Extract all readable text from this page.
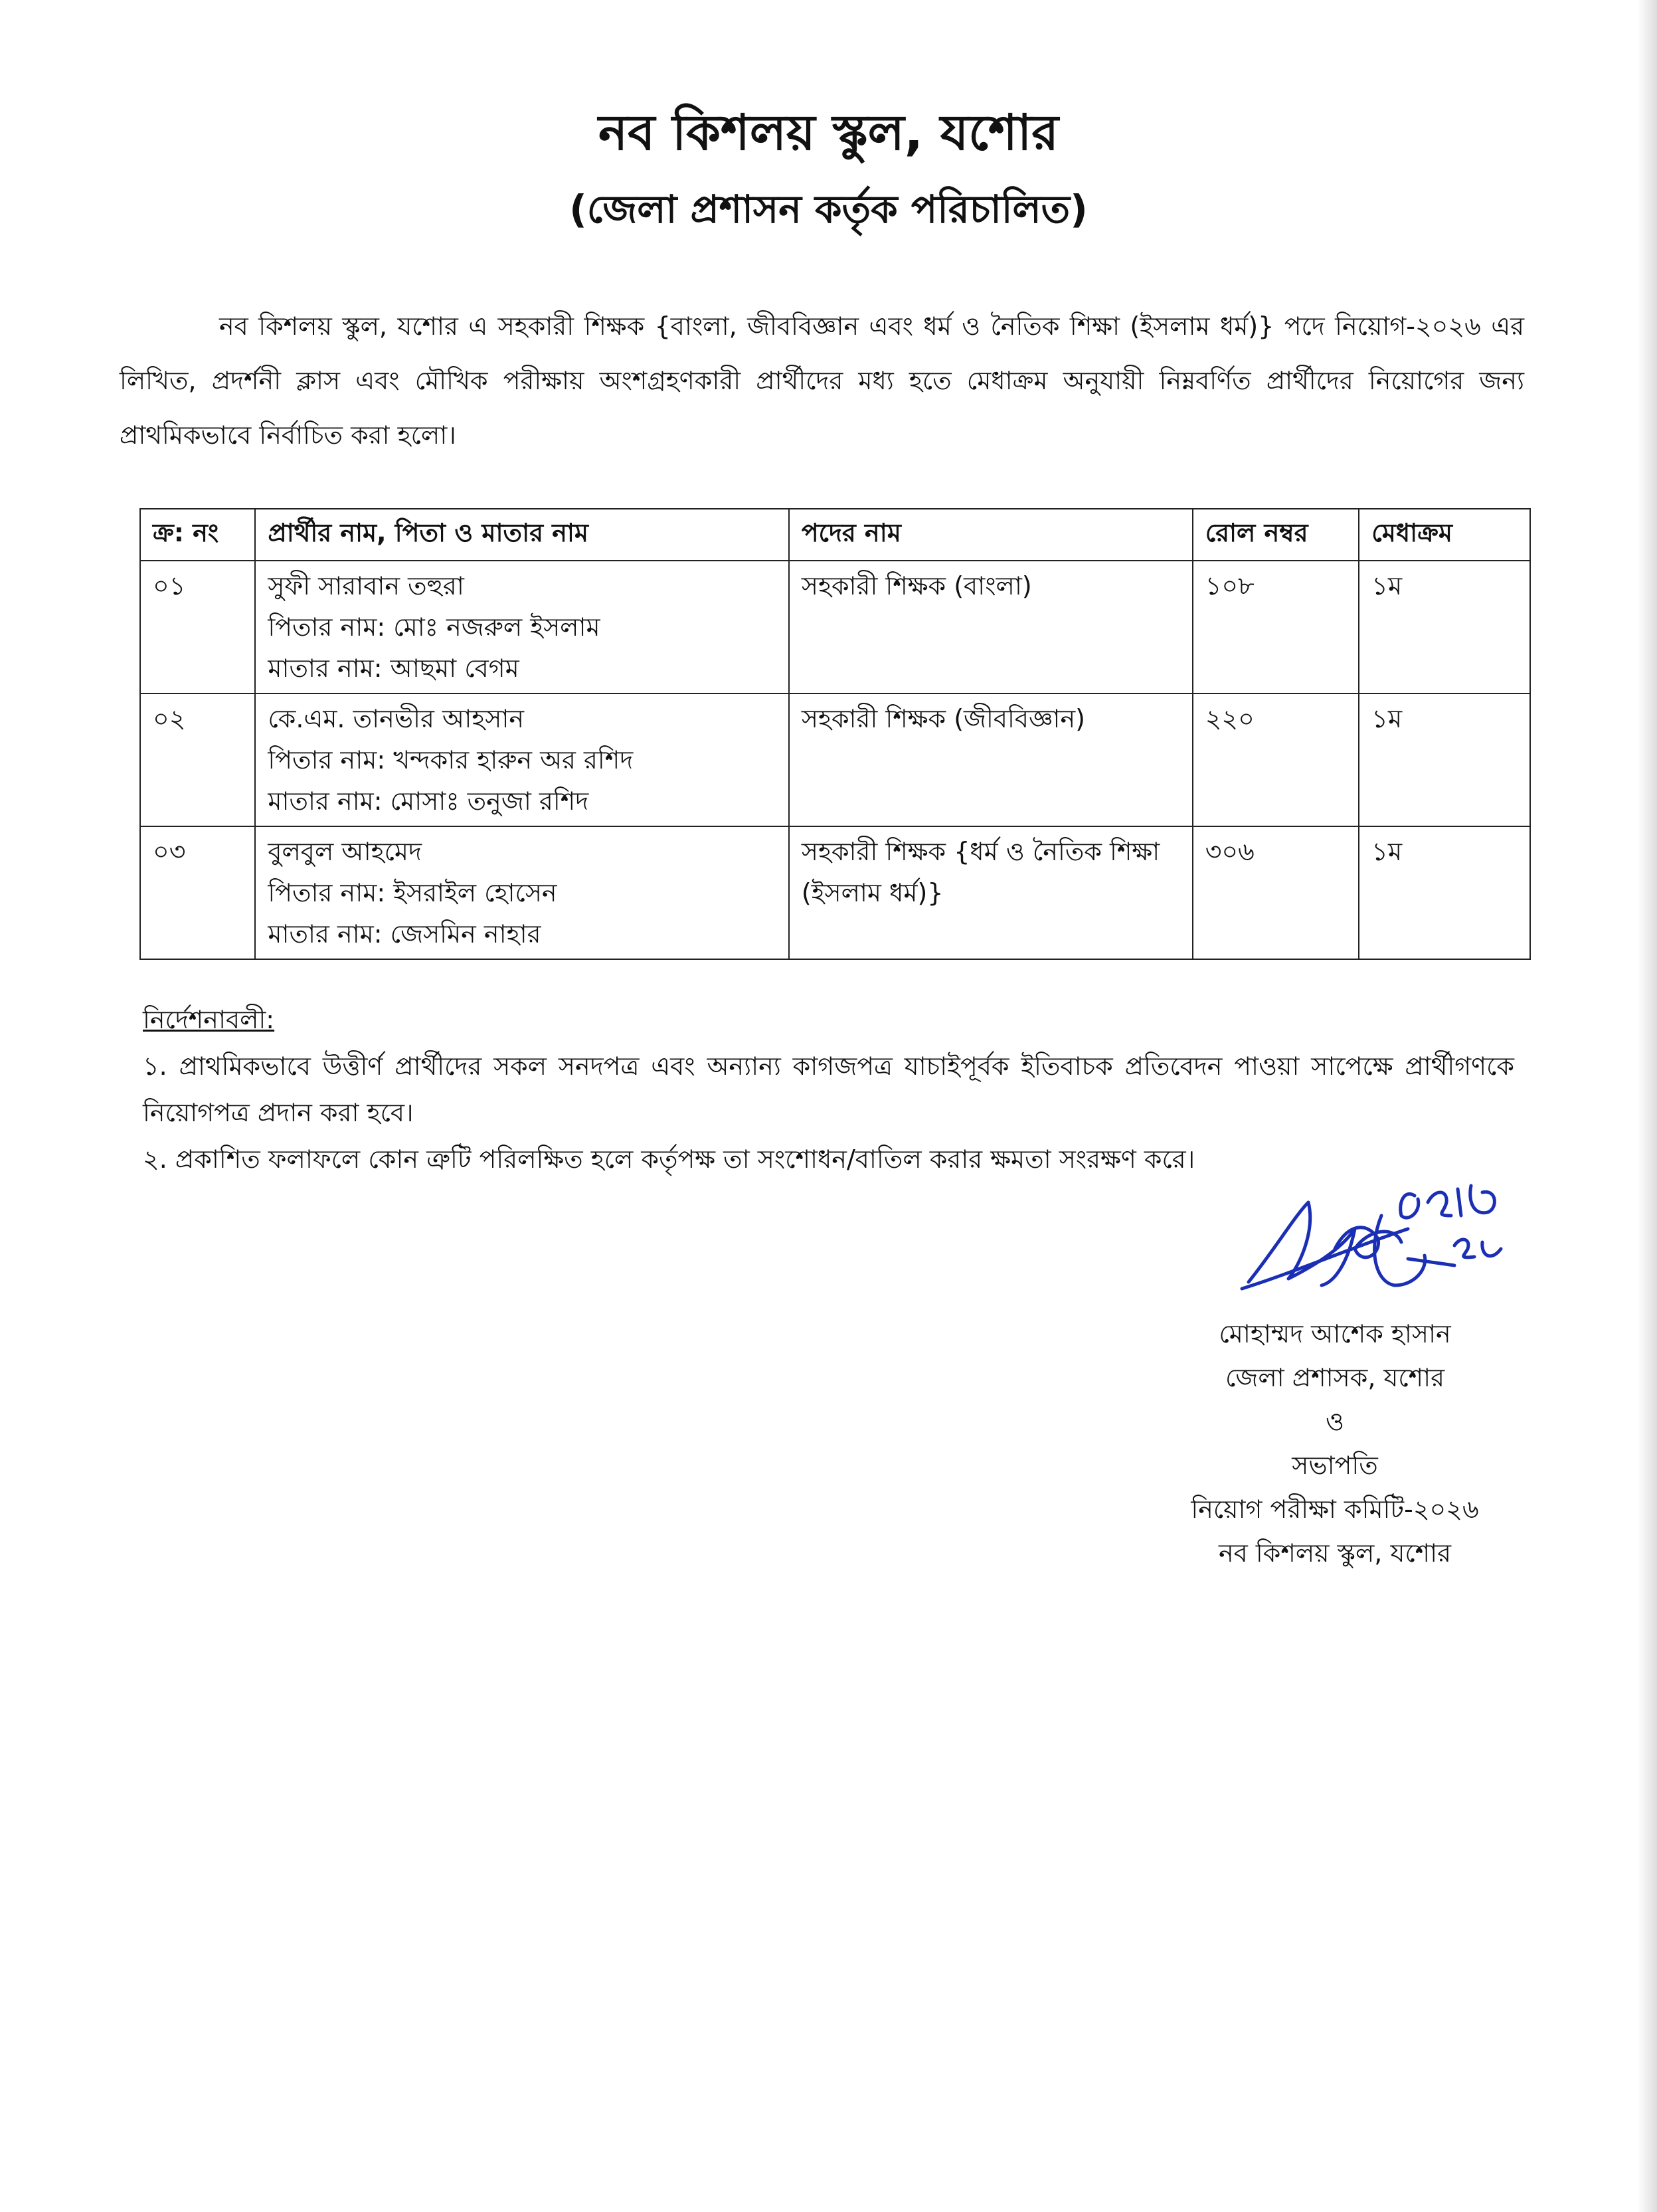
নব কিশলয় স্কুল, যশোর
(জেলা প্রশাসন কর্তৃক পরিচালিত)

নব কিশলয় স্কুল, যশোর এ সহকারী শিক্ষক {বাংলা, জীববিজ্ঞান এবং ধর্ম ও নৈতিক শিক্ষা (ইসলাম ধর্ম)} পদে নিয়োগ-২০২৬ এর লিখিত, প্রদর্শনী ক্লাস এবং মৌখিক পরীক্ষায় অংশগ্রহণকারী প্রার্থীদের মধ্য হতে মেধাক্রম অনুযায়ী নিম্নবর্ণিত প্রার্থীদের নিয়োগের জন্য প্রাথমিকভাবে নির্বাচিত করা হলো।

ক্র: নং	প্রার্থীর নাম, পিতা ও মাতার নাম	পদের নাম	রোল নম্বর	মেধাক্রম
০১	সুফী সারাবান তহুরা
পিতার নাম: মোঃ নজরুল ইসলাম
মাতার নাম: আছমা বেগম	সহকারী শিক্ষক (বাংলা)	১০৮	১ম
০২	কে.এম. তানভীর আহসান
পিতার নাম: খন্দকার হারুন অর রশিদ
মাতার নাম: মোসাঃ তনুজা রশিদ	সহকারী শিক্ষক (জীববিজ্ঞান)	২২০	১ম
০৩	বুলবুল আহমেদ
পিতার নাম: ইসরাইল হোসেন
মাতার নাম: জেসমিন নাহার	সহকারী শিক্ষক {ধর্ম ও নৈতিক শিক্ষা (ইসলাম ধর্ম)}	৩০৬	১ম
নির্দেশনাবলী:
১. প্রাথমিকভাবে উত্তীর্ণ প্রার্থীদের সকল সনদপত্র এবং অন্যান্য কাগজপত্র যাচাইপূর্বক ইতিবাচক প্রতিবেদন পাওয়া সাপেক্ষে প্রার্থীগণকে নিয়োগপত্র প্রদান করা হবে।
২. প্রকাশিত ফলাফলে কোন ত্রুটি পরিলক্ষিত হলে কর্তৃপক্ষ তা সংশোধন/বাতিল করার ক্ষমতা সংরক্ষণ করে।
মোহাম্মদ আশেক হাসান
জেলা প্রশাসক, যশোর
ও
সভাপতি
নিয়োগ পরীক্ষা কমিটি-২০২৬
নব কিশলয় স্কুল, যশোর
